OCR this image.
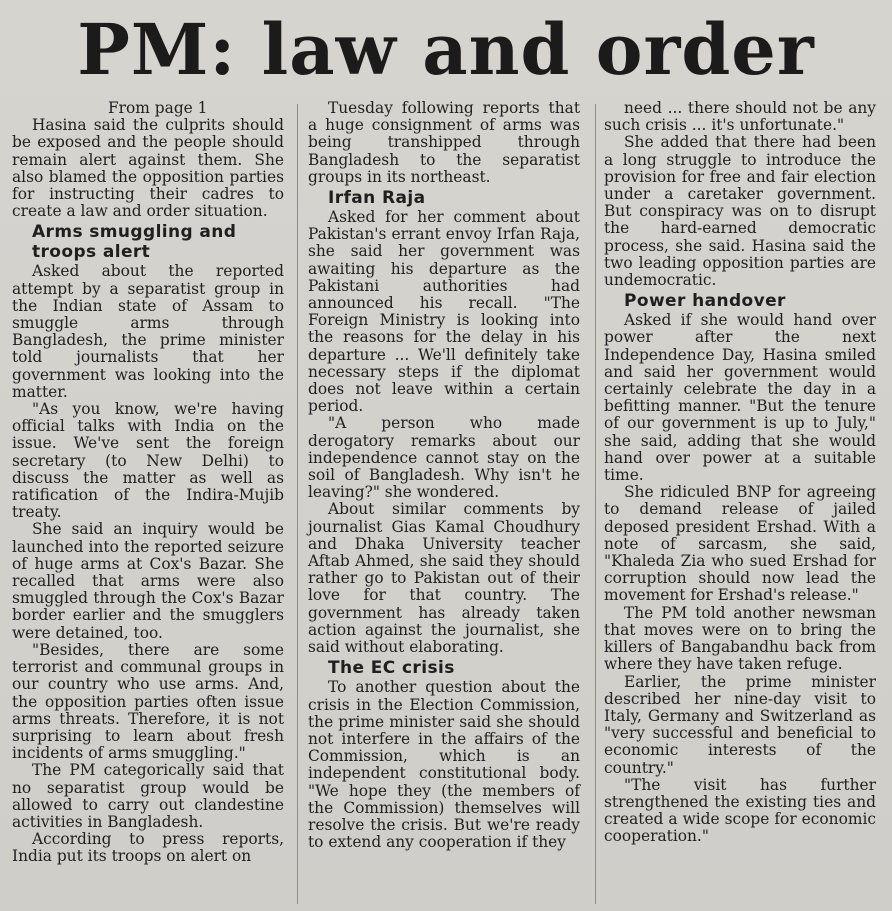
PM: law and order

From page 1

Hasina said the culprits should be exposed and the people should remain alert against them. She also blamed the opposition parties for instructing their cadres to create a law and order situation.

Arms smuggling and troops alert

Asked about the reported attempt by a separatist group in the Indian state of Assam to smuggle arms through Bangladesh, the prime minister told journalists that her government was looking into the matter.

"As you know, we're having official talks with India on the issue. We've sent the foreign secretary (to New Delhi) to discuss the matter as well as ratification of the Indira-Mujib treaty.

She said an inquiry would be launched into the reported seizure of huge arms at Cox's Bazar. She recalled that arms were also smuggled through the Cox's Bazar border earlier and the smugglers were detained, too.

"Besides, there are some terrorist and communal groups in our country who use arms. And, the opposition parties often issue arms threats. Therefore, it is not surprising to learn about fresh incidents of arms smuggling."

The PM categorically said that no separatist group would be allowed to carry out clandestine activities in Bangladesh.

According to press reports, India put its troops on alert on

Tuesday following reports that a huge consignment of arms was being transhipped through Bangladesh to the separatist groups in its northeast.

Irfan Raja

Asked for her comment about Pakistan's errant envoy Irfan Raja, she said her government was awaiting his departure as the Pakistani authorities had announced his recall. "The Foreign Ministry is looking into the reasons for the delay in his departure ... We'll definitely take necessary steps if the diplomat does not leave within a certain period.

"A person who made derogatory remarks about our independence cannot stay on the soil of Bangladesh. Why isn't he leaving?" she wondered.

About similar comments by journalist Gias Kamal Choudhury and Dhaka University teacher Aftab Ahmed, she said they should rather go to Pakistan out of their love for that country. The government has already taken action against the journalist, she said without elaborating.

The EC crisis

To another question about the crisis in the Election Commission, the prime minister said she should not interfere in the affairs of the Commission, which is an independent constitutional body. "We hope they (the members of the Commission) themselves will resolve the crisis. But we're ready to extend any cooperation if they

need ... there should not be any such crisis ... it's unfortunate."

She added that there had been a long struggle to introduce the provision for free and fair election under a caretaker government. But conspiracy was on to disrupt the hard-earned democratic process, she said. Hasina said the two leading opposition parties are undemocratic.

Power handover

Asked if she would hand over power after the next Independence Day, Hasina smiled and said her government would certainly celebrate the day in a befitting manner. "But the tenure of our government is up to July," she said, adding that she would hand over power at a suitable time.

She ridiculed BNP for agreeing to demand release of jailed deposed president Ershad. With a note of sarcasm, she said, "Khaleda Zia who sued Ershad for corruption should now lead the movement for Ershad's release."

The PM told another newsman that moves were on to bring the killers of Bangabandhu back from where they have taken refuge.

Earlier, the prime minister described her nine-day visit to Italy, Germany and Switzerland as "very successful and beneficial to economic interests of the country."

"The visit has further strengthened the existing ties and created a wide scope for economic cooperation."
